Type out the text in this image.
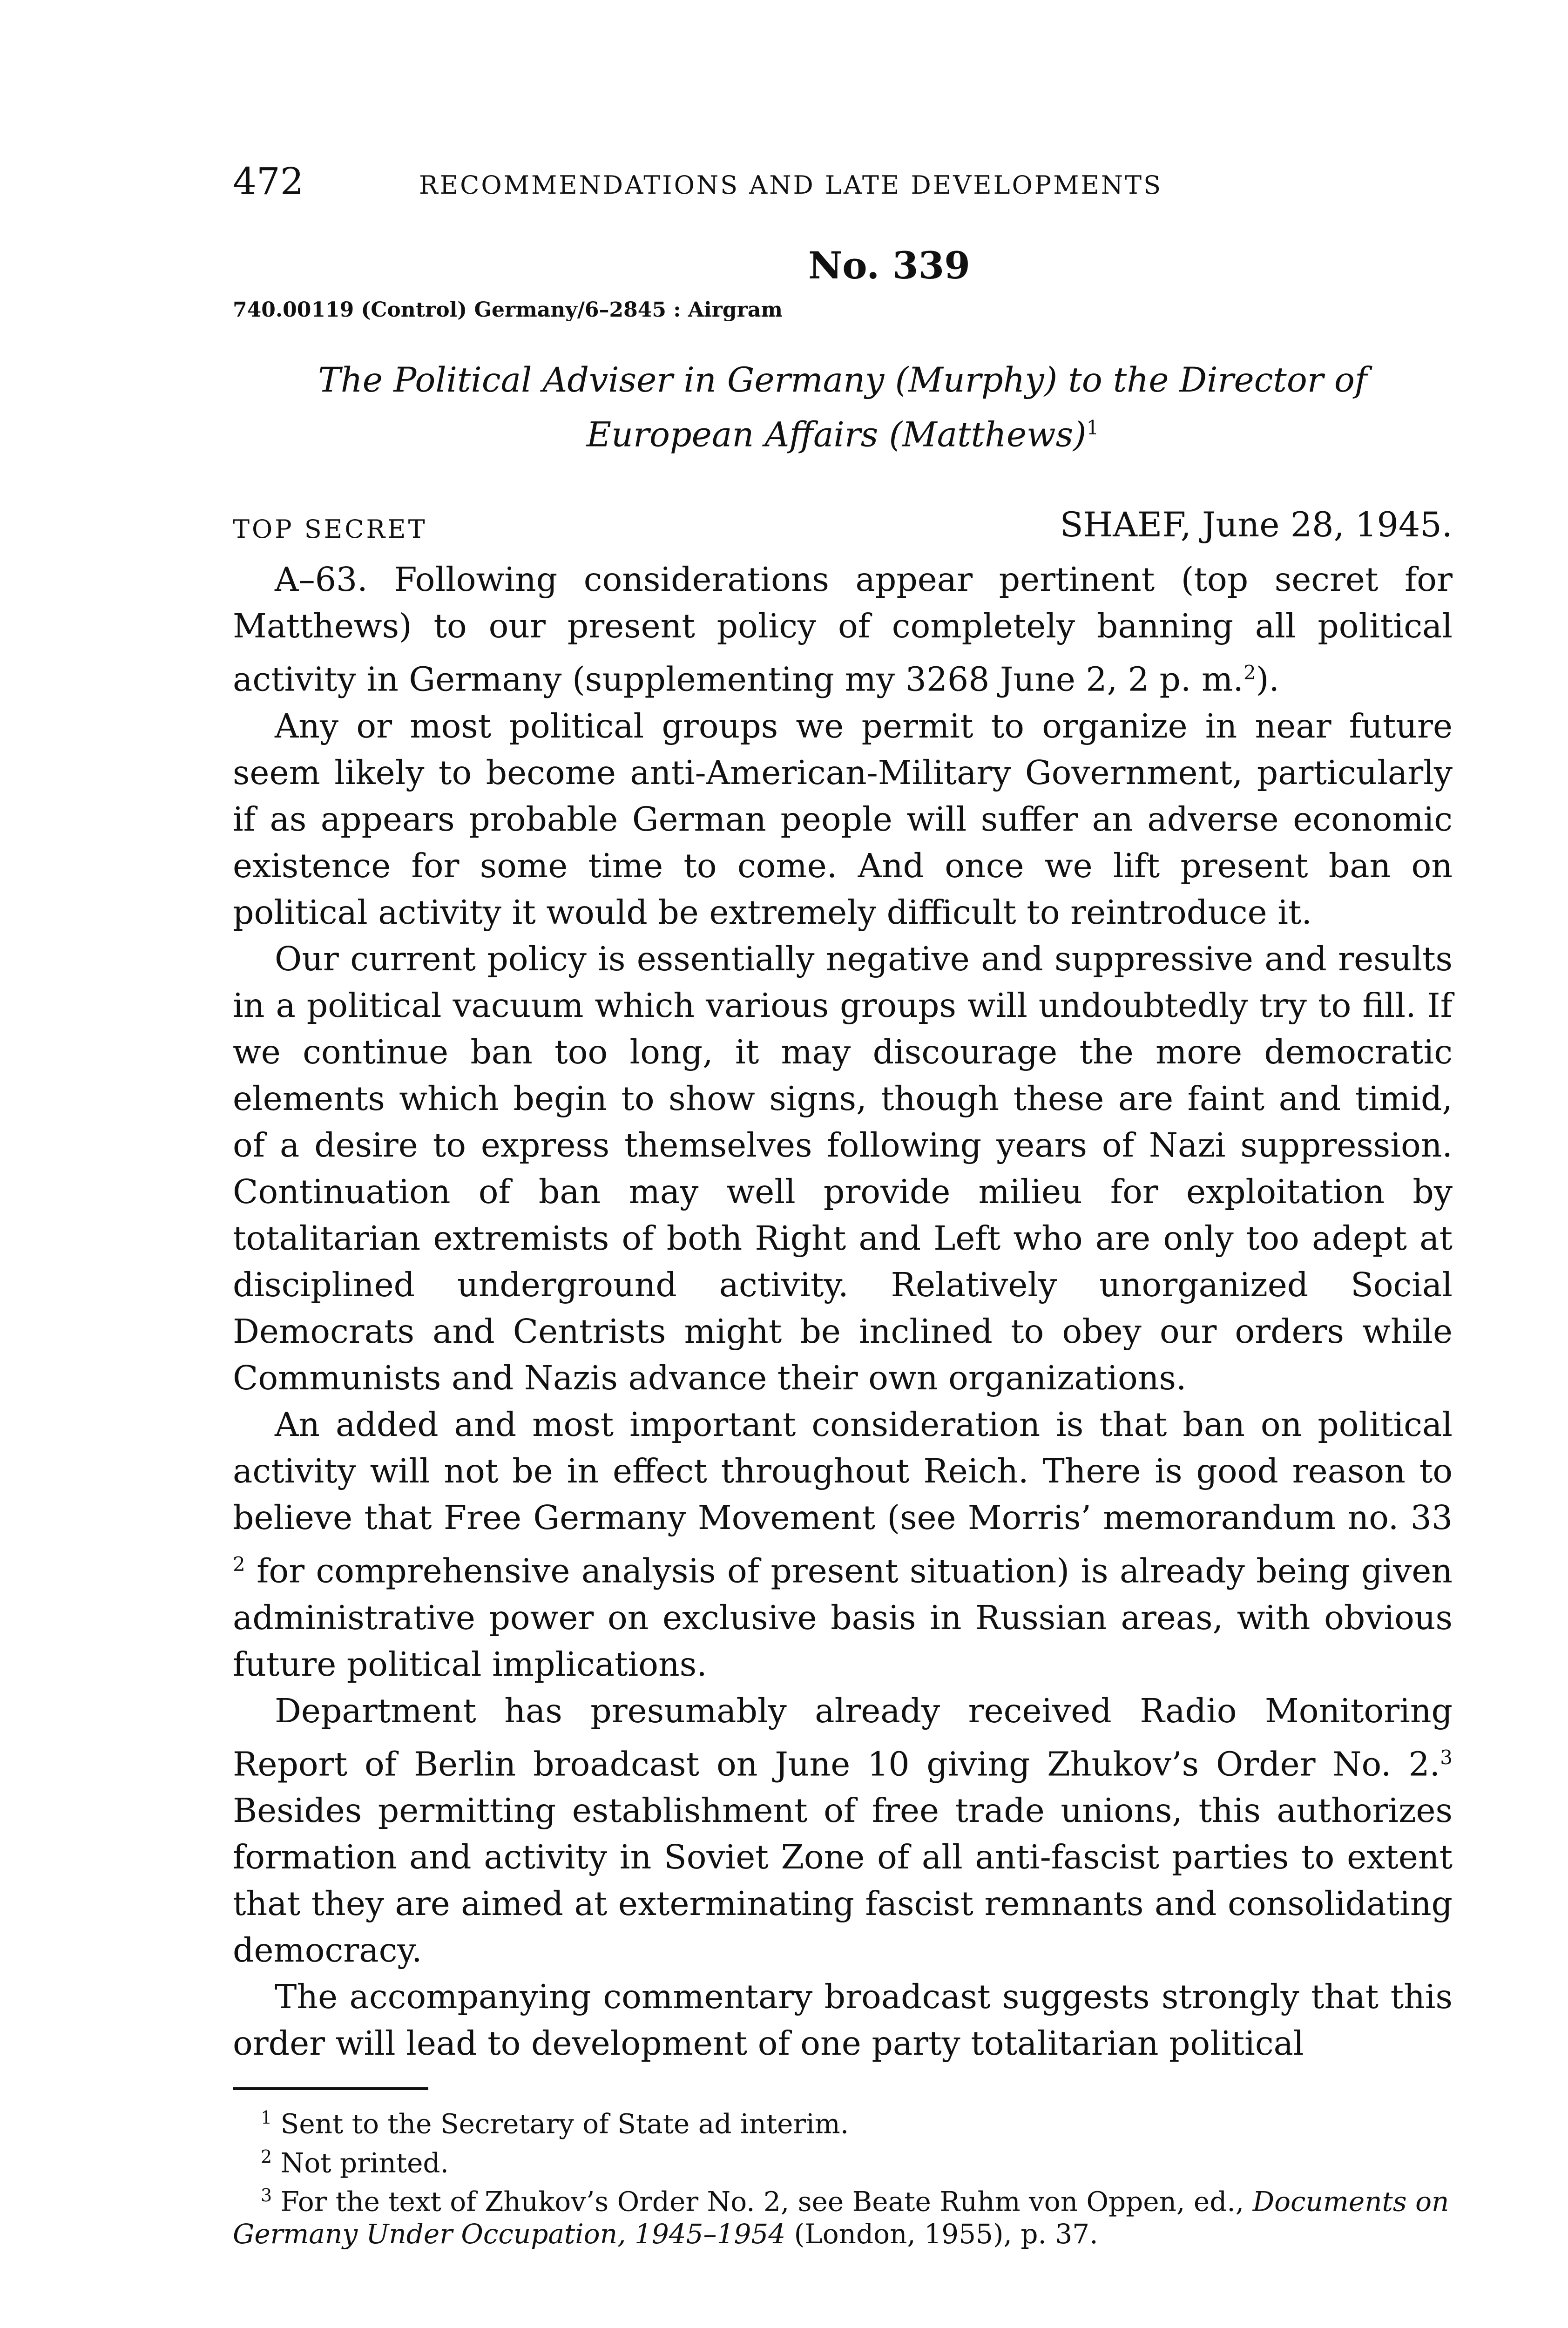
472	RECOMMENDATIONS AND LATE DEVELOPMENTS
No. 339
740.00119 (Control) Germany/6–2845 : Airgram
The Political Adviser in Germany (Murphy) to the Director of European Affairs (Matthews)$^1$
TOP SECRET	SHAEF, June 28, 1945.

A–63. Following considerations appear pertinent (top secret for Matthews) to our present policy of completely banning all political activity in Germany (supplementing my 3268 June 2, 2 p. m.$^2$).

Any or most political groups we permit to organize in near future seem likely to become anti-American-Military Government, particularly if as appears probable German people will suffer an adverse economic existence for some time to come. And once we lift present ban on political activity it would be extremely difficult to reintroduce it.

Our current policy is essentially negative and suppressive and results in a political vacuum which various groups will undoubtedly try to fill. If we continue ban too long, it may discourage the more democratic elements which begin to show signs, though these are faint and timid, of a desire to express themselves following years of Nazi suppression. Continuation of ban may well provide milieu for exploitation by totalitarian extremists of both Right and Left who are only too adept at disciplined underground activity. Relatively unorganized Social Democrats and Centrists might be inclined to obey our orders while Communists and Nazis advance their own organizations.

An added and most important consideration is that ban on political activity will not be in effect throughout Reich. There is good reason to believe that Free Germany Movement (see Morris’ memorandum no. 33 $^2$ for comprehensive analysis of present situation) is already being given administrative power on exclusive basis in Russian areas, with obvious future political implications.

Department has presumably already received Radio Monitoring Report of Berlin broadcast on June 10 giving Zhukov’s Order No. 2.$^3$ Besides permitting establishment of free trade unions, this authorizes formation and activity in Soviet Zone of all anti-fascist parties to extent that they are aimed at exterminating fascist remnants and consolidating democracy.

The accompanying commentary broadcast suggests strongly that this order will lead to development of one party totalitarian political

$^1$ Sent to the Secretary of State ad interim.

$^2$ Not printed.

$^3$ For the text of Zhukov’s Order No. 2, see Beate Ruhm von Oppen, ed., Documents on Germany Under Occupation, 1945–1954 (London, 1955), p. 37.
